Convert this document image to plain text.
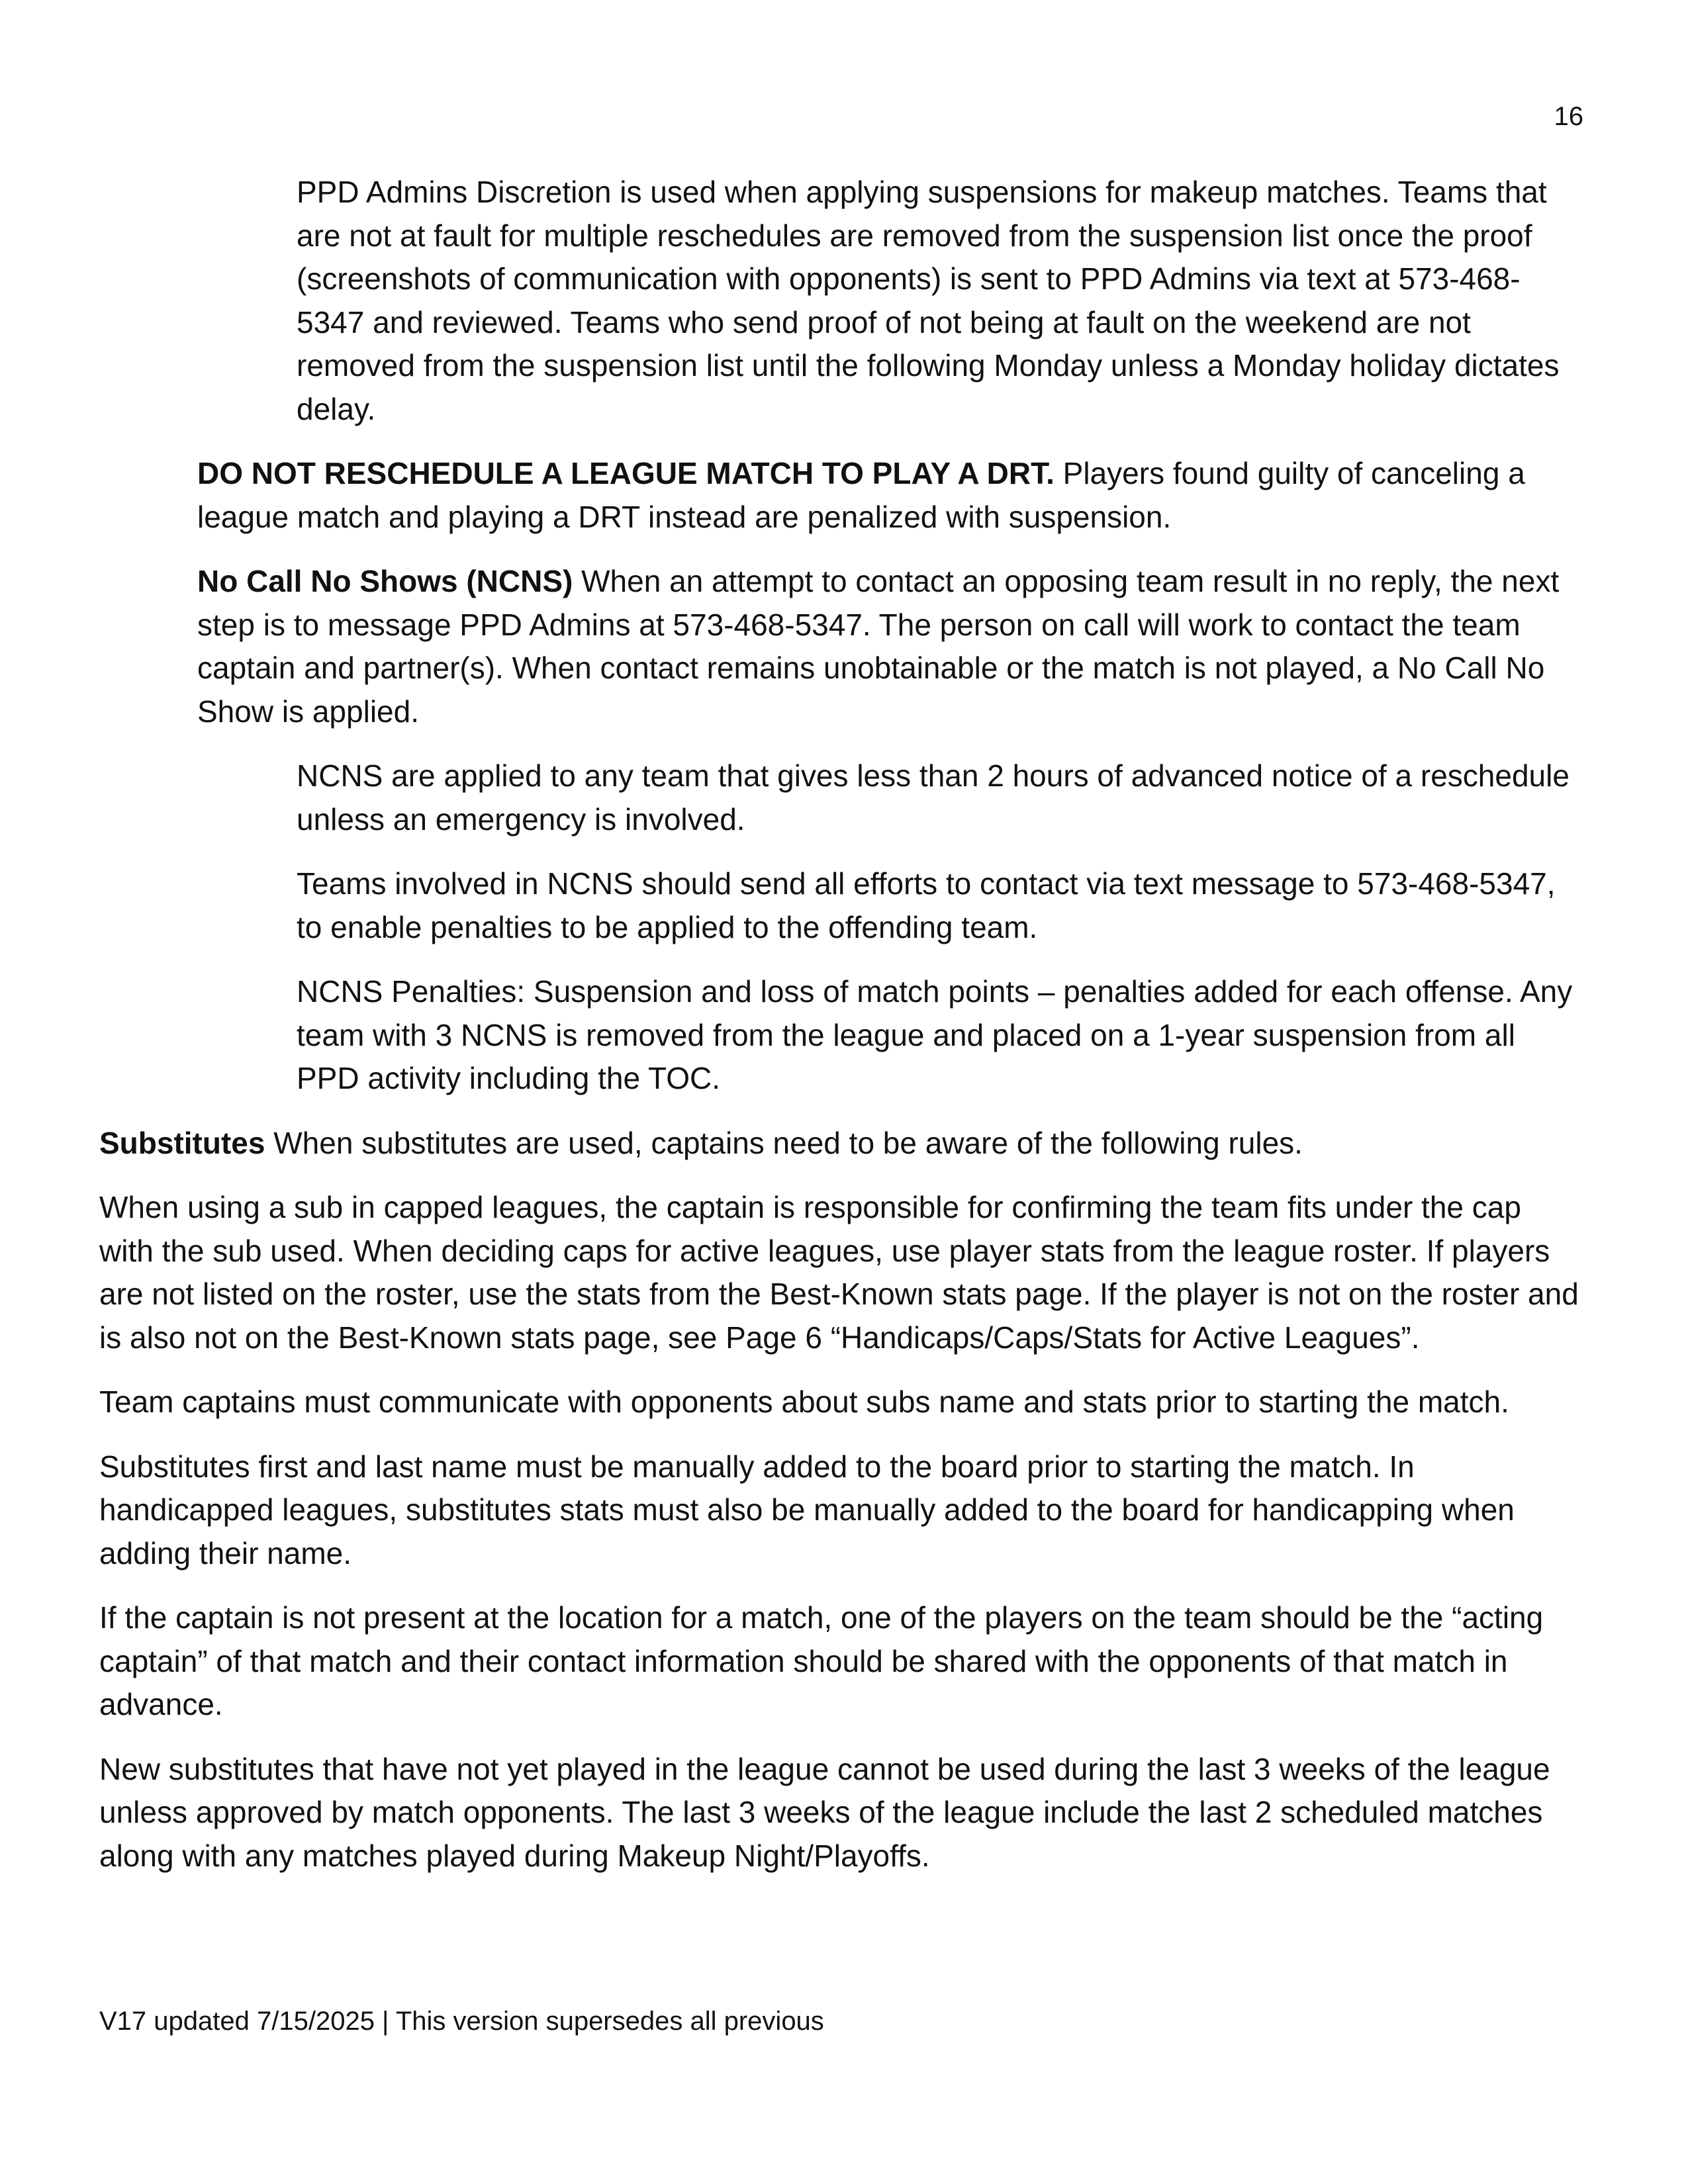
16

PPD Admins Discretion is used when applying suspensions for makeup matches. Teams that are not at fault for multiple reschedules are removed from the suspension list once the proof (screenshots of communication with opponents) is sent to PPD Admins via text at 573-468-5347 and reviewed. Teams who send proof of not being at fault on the weekend are not removed from the suspension list until the following Monday unless a Monday holiday dictates delay.

DO NOT RESCHEDULE A LEAGUE MATCH TO PLAY A DRT. Players found guilty of canceling a league match and playing a DRT instead are penalized with suspension.

No Call No Shows (NCNS) When an attempt to contact an opposing team result in no reply, the next step is to message PPD Admins at 573-468-5347. The person on call will work to contact the team captain and partner(s). When contact remains unobtainable or the match is not played, a No Call No Show is applied.

NCNS are applied to any team that gives less than 2 hours of advanced notice of a reschedule unless an emergency is involved.

Teams involved in NCNS should send all efforts to contact via text message to 573-468-5347, to enable penalties to be applied to the offending team.

NCNS Penalties: Suspension and loss of match points – penalties added for each offense. Any team with 3 NCNS is removed from the league and placed on a 1-year suspension from all PPD activity including the TOC.

Substitutes When substitutes are used, captains need to be aware of the following rules.

When using a sub in capped leagues, the captain is responsible for confirming the team fits under the cap with the sub used. When deciding caps for active leagues, use player stats from the league roster. If players are not listed on the roster, use the stats from the Best-Known stats page. If the player is not on the roster and is also not on the Best-Known stats page, see Page 6 “Handicaps/Caps/Stats for Active Leagues”.

Team captains must communicate with opponents about subs name and stats prior to starting the match.

Substitutes first and last name must be manually added to the board prior to starting the match. In handicapped leagues, substitutes stats must also be manually added to the board for handicapping when adding their name.

If the captain is not present at the location for a match, one of the players on the team should be the “acting captain” of that match and their contact information should be shared with the opponents of that match in advance.

New substitutes that have not yet played in the league cannot be used during the last 3 weeks of the league unless approved by match opponents. The last 3 weeks of the league include the last 2 scheduled matches along with any matches played during Makeup Night/Playoffs.

V17 updated 7/15/2025 | This version supersedes all previous
